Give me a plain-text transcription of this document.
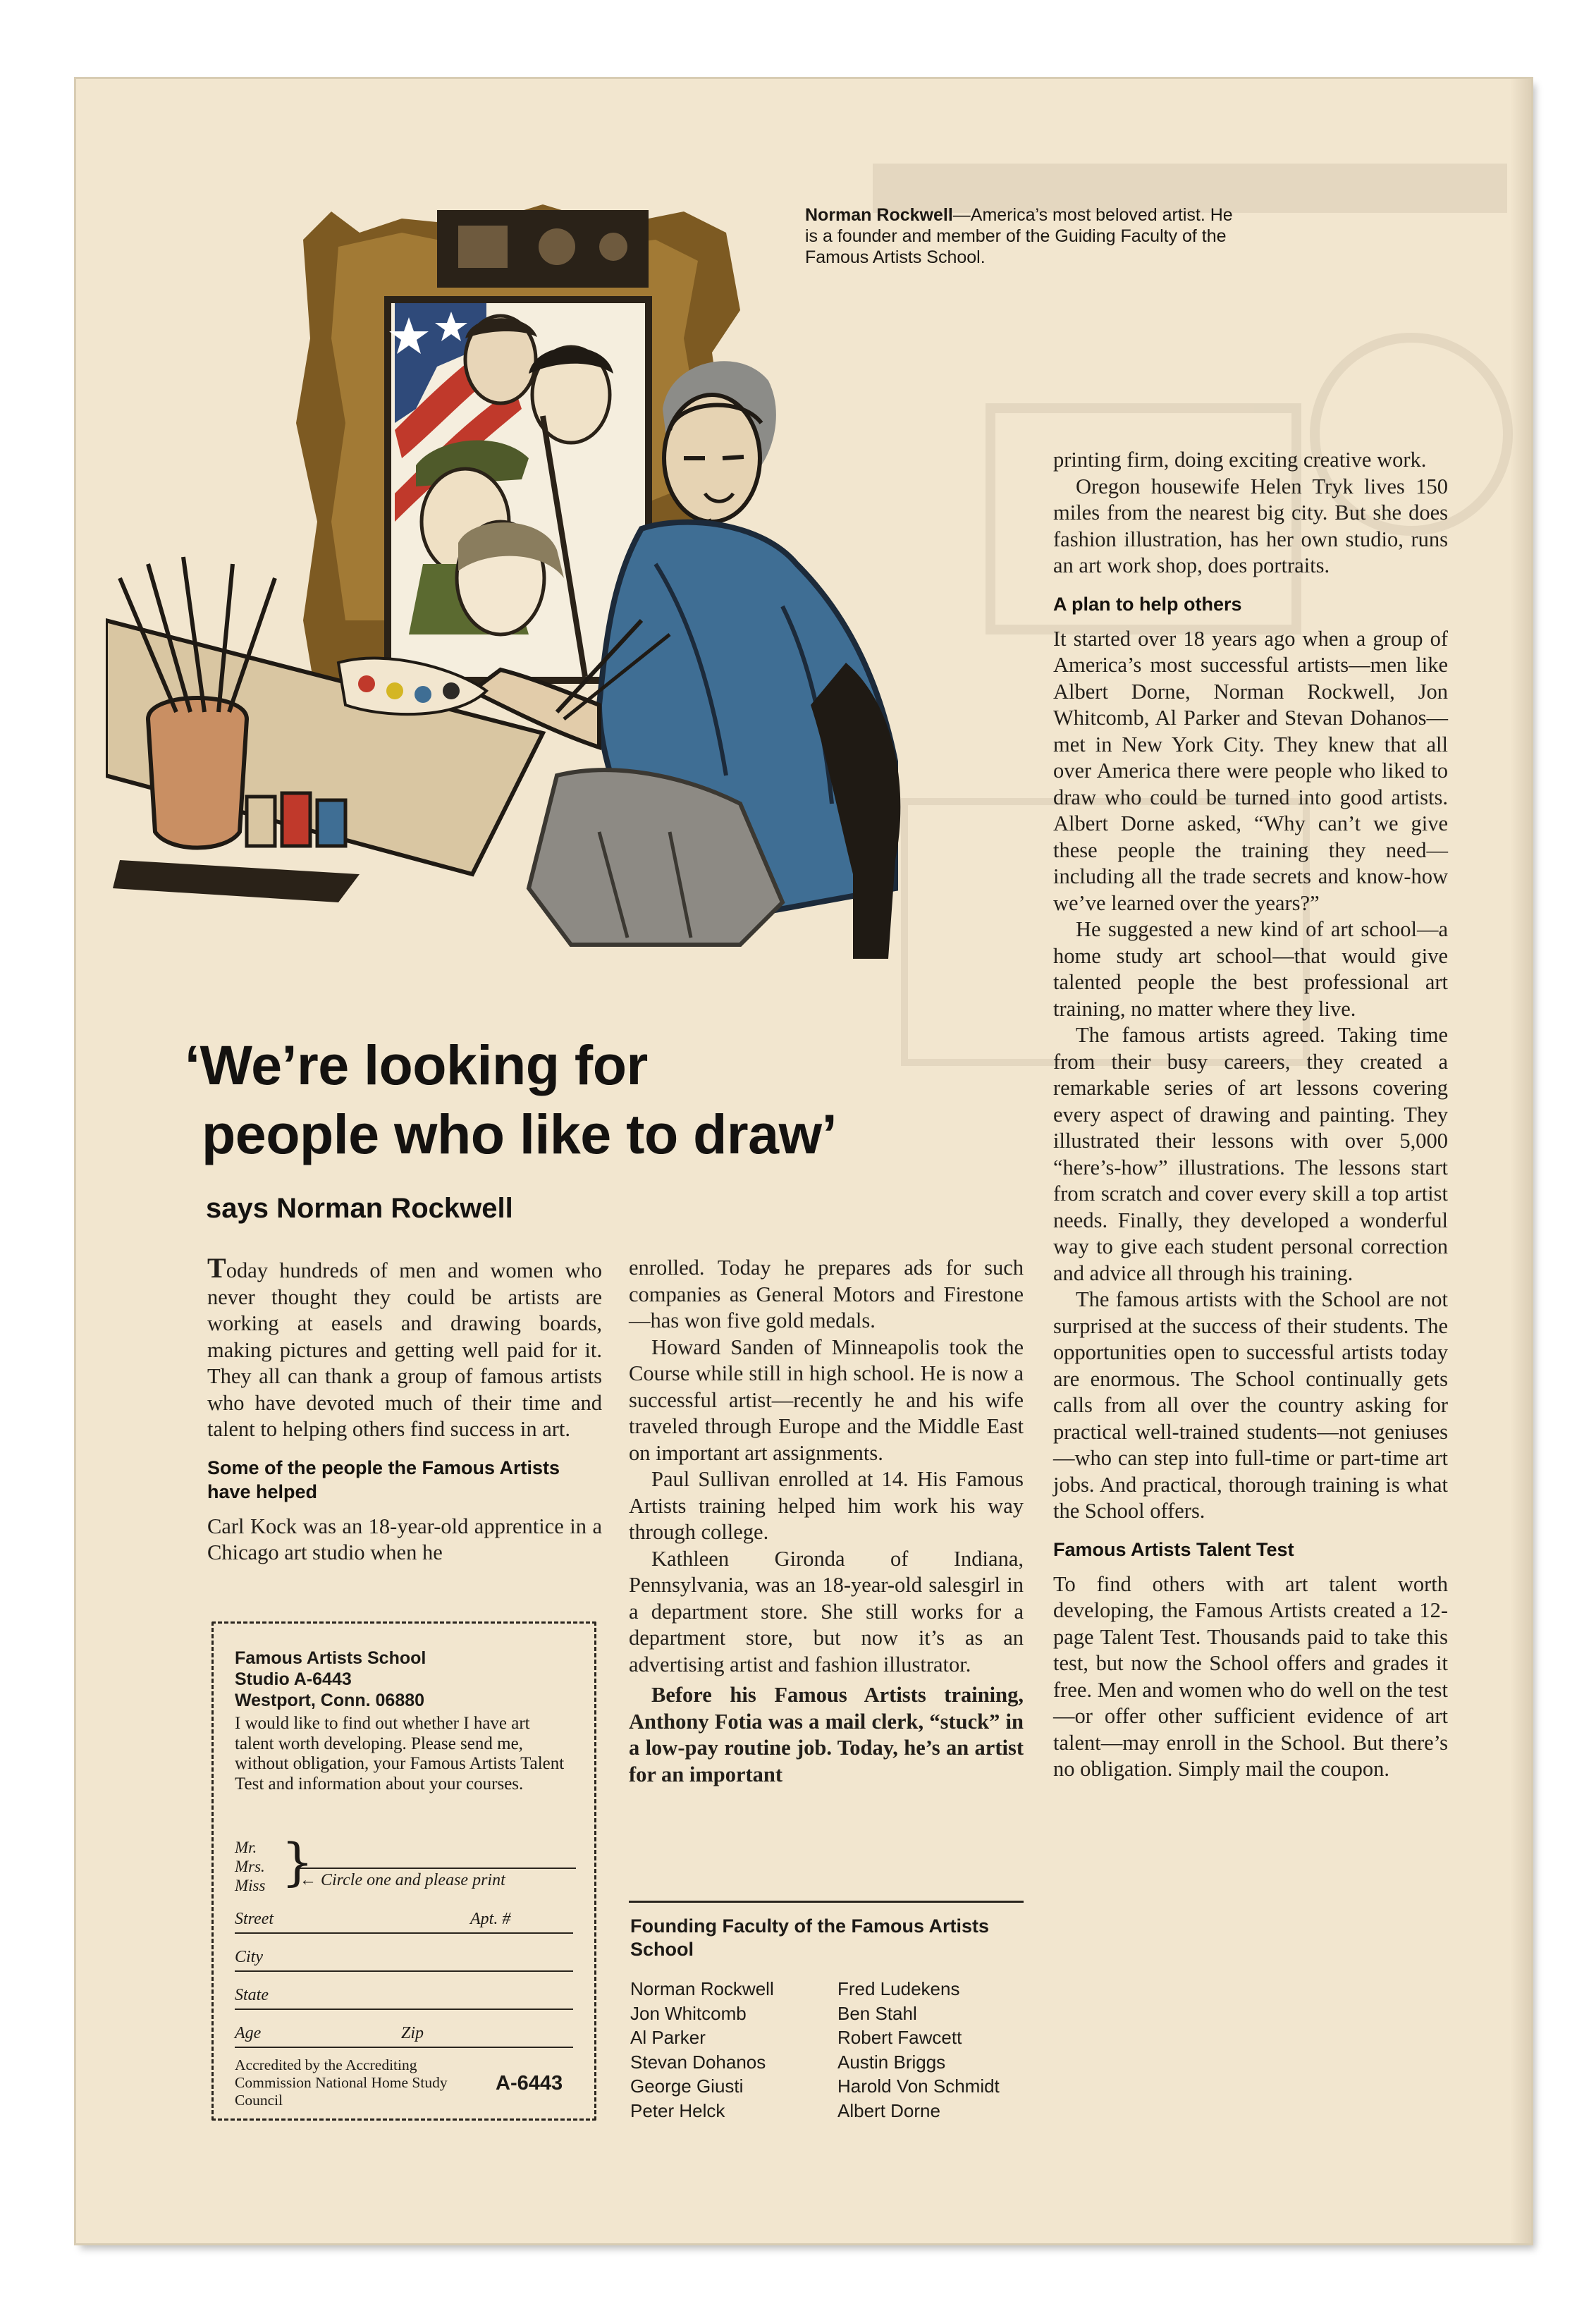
Norman Rockwell—America’s most beloved artist. He is a founder and member of the Guiding Faculty of the Famous Artists School.
‘We’re looking for
people who like to draw’
says Norman Rockwell

Today hundreds of men and women who never thought they could be artists are working at easels and drawing boards, making pictures and getting well paid for it. They all can thank a group of famous artists who have devoted much of their time and talent to helping others find success in art.

Some of the people the Famous Artists have helped

Carl Kock was an 18-year-old apprentice in a Chicago art studio when he

Famous Artists School
Studio A-6443
Westport, Conn. 06880
I would like to find out whether I have art talent worth developing. Please send me, without obligation, your Famous Artists Talent Test and information about your courses.
Mr.
Mrs.
Miss }
← Circle one and please print
Street	Apt. #
City
State
Age	Zip
Accredited by the Accrediting Commission National Home Study Council
A-6443

enrolled. Today he prepares ads for such companies as General Motors and Firestone—has won five gold medals.

Howard Sanden of Minneapolis took the Course while still in high school. He is now a successful artist—recently he and his wife traveled through Europe and the Middle East on important art assignments.

Paul Sullivan enrolled at 14. His Famous Artists training helped him work his way through college.

Kathleen Gironda of Indiana, Pennsylvania, was an 18-year-old salesgirl in a department store. She still works for a department store, but now it’s as an advertising artist and fashion illustrator.

Before his Famous Artists training, Anthony Fotia was a mail clerk, “stuck” in a low-pay routine job. Today, he’s an artist for an important

Founding Faculty of the Famous Artists School
Norman Rockwell
Jon Whitcomb
Al Parker
Stevan Dohanos
George Giusti
Peter Helck
Fred Ludekens
Ben Stahl
Robert Fawcett
Austin Briggs
Harold Von Schmidt
Albert Dorne

printing firm, doing exciting creative work.

Oregon housewife Helen Tryk lives 150 miles from the nearest big city. But she does fashion illustration, has her own studio, runs an art work shop, does portraits.

A plan to help others

It started over 18 years ago when a group of America’s most successful artists—men like Albert Dorne, Norman Rockwell, Jon Whitcomb, Al Parker and Stevan Dohanos—met in New York City. They knew that all over America there were people who liked to draw who could be turned into good artists. Albert Dorne asked, “Why can’t we give these people the training they need—including all the trade secrets and know-how we’ve learned over the years?”

He suggested a new kind of art school—a home study art school—that would give talented people the best professional art training, no matter where they live.

The famous artists agreed. Taking time from their busy careers, they created a remarkable series of art lessons covering every aspect of drawing and painting. They illustrated their lessons with over 5,000 “here’s-how” illustrations. The lessons start from scratch and cover every skill a top artist needs. Finally, they developed a wonderful way to give each student personal correction and advice all through his training.

The famous artists with the School are not surprised at the success of their students. The opportunities open to successful artists today are enormous. The School continually gets calls from all over the country asking for practical well-trained students—not geniuses—who can step into full-time or part-time art jobs. And practical, thorough training is what the School offers.

Famous Artists Talent Test

To find others with art talent worth developing, the Famous Artists created a 12-page Talent Test. Thousands paid to take this test, but now the School offers and grades it free. Men and women who do well on the test—or offer other sufficient evidence of art talent—may enroll in the School. But there’s no obligation. Simply mail the coupon.
